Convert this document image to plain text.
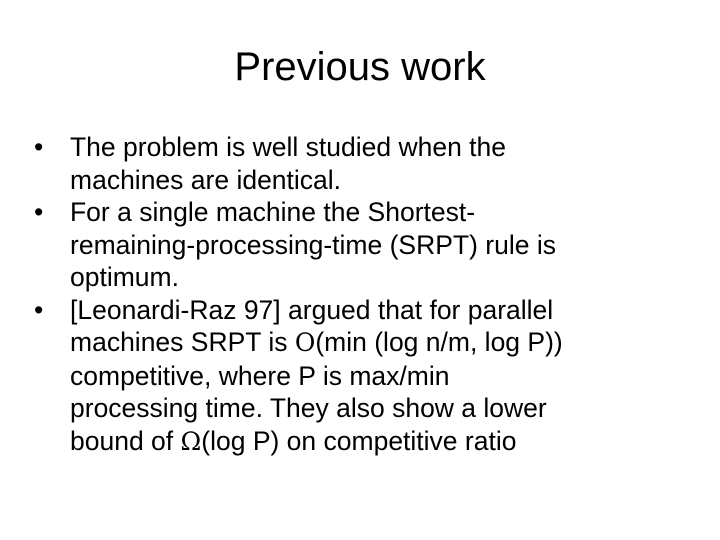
Previous work
•	The problem is well studied when the
machines are identical.
•	For a single machine the Shortest-
remaining-processing-time (SRPT) rule is
optimum.
•	[Leonardi-Raz 97] argued that for parallel
machines SRPT is O(min (log n/m, log P))
competitive, where P is max/min
processing time. They also show a lower
bound of Ω(log P) on competitive ratio
